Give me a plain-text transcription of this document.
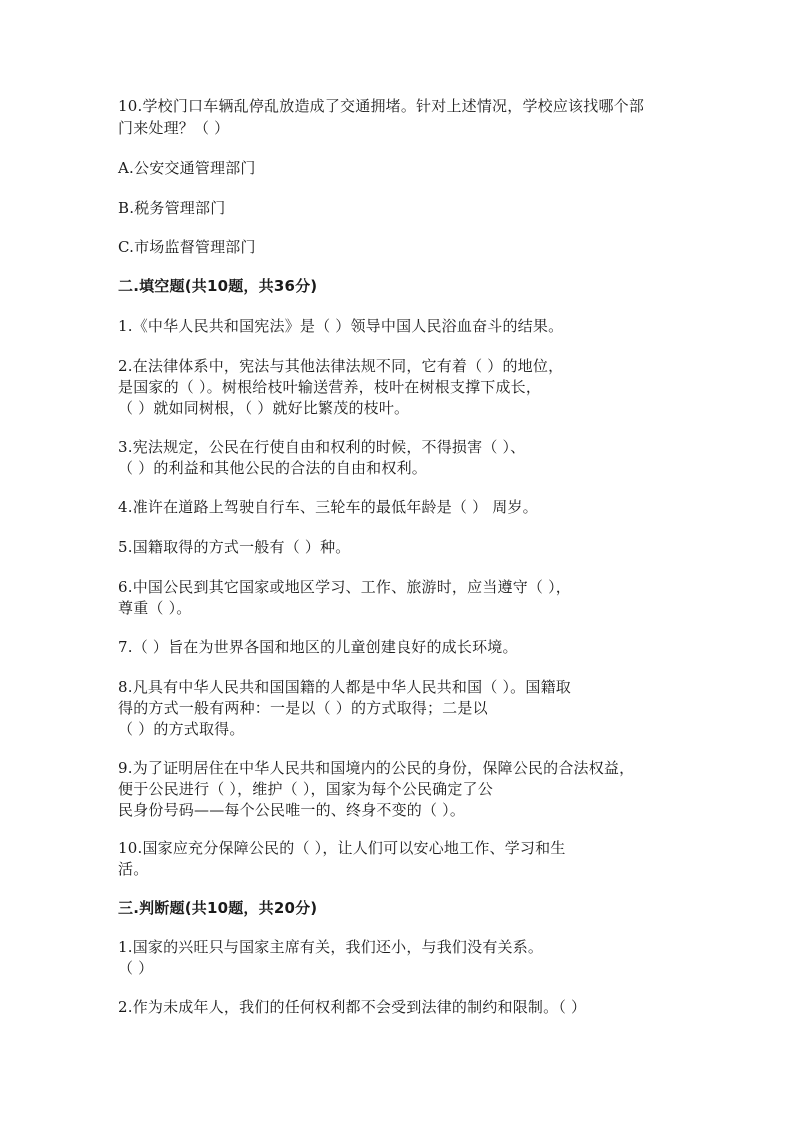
10.学校门口车辆乱停乱放造成了交通拥堵。针对上述情况，学校应该找哪个部
门来处理？（ ）
A.公安交通管理部门
B.税务管理部门
C.市场监督管理部门
二.填空题(共10题，共36分)
1.《中华人民共和国宪法》是（ ）领导中国人民浴血奋斗的结果。
2.在法律体系中，宪法与其他法律法规不同，它有着（ ）的地位，
是国家的（ ）。树根给枝叶输送营养，枝叶在树根支撑下成长，
（ ）就如同树根，（ ）就好比繁茂的枝叶。
3.宪法规定，公民在行使自由和权利的时候，不得损害（ ）、
（ ）的利益和其他公民的合法的自由和权利。
4.准许在道路上驾驶自行车、三轮车的最低年龄是（ ） 周岁。
5.国籍取得的方式一般有（ ）种。
6.中国公民到其它国家或地区学习、工作、旅游时，应当遵守（ ），
尊重（ ）。
7.（ ）旨在为世界各国和地区的儿童创建良好的成长环境。
8.凡具有中华人民共和国国籍的人都是中华人民共和国（ ）。国籍取
得的方式一般有两种：一是以（ ）的方式取得；二是以
（ ）的方式取得。
9.为了证明居住在中华人民共和国境内的公民的身份，保障公民的合法权益，
便于公民进行（ ），维护（ ），国家为每个公民确定了公
民身份号码——每个公民唯一的、终身不变的（ ）。
10.国家应充分保障公民的（ ），让人们可以安心地工作、学习和生
活。
三.判断题(共10题，共20分)
1.国家的兴旺只与国家主席有关，我们还小，与我们没有关系。
（ ）
2.作为未成年人，我们的任何权利都不会受到法律的制约和限制。（ ）
